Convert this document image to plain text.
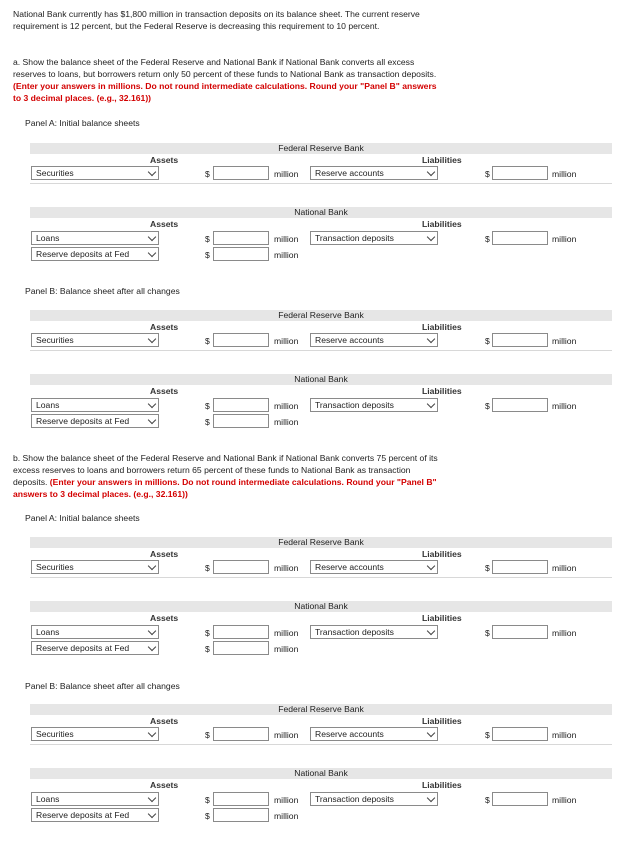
National Bank currently has $1,800 million in transaction deposits on its balance sheet. The current reserve requirement is 12 percent, but the Federal Reserve is decreasing this requirement to 10 percent.
a. Show the balance sheet of the Federal Reserve and National Bank if National Bank converts all excess reserves to loans, but borrowers return only 50 percent of these funds to National Bank as transaction deposits. (Enter your answers in millions. Do not round intermediate calculations. Round your "Panel B" answers to 3 decimal places. (e.g., 32.161))
Panel A: Initial balance sheets
Federal Reserve Bank
Assets	Liabilities
Securities	$	million	Reserve accounts	$	million
National Bank
Assets	Liabilities
Loans	$	million	Transaction deposits	$	million
Reserve deposits at Fed	$	million
Panel B: Balance sheet after all changes
Federal Reserve Bank
Assets	Liabilities
Securities	$	million	Reserve accounts	$	million
National Bank
Assets	Liabilities
Loans	$	million	Transaction deposits	$	million
Reserve deposits at Fed	$	million
b. Show the balance sheet of the Federal Reserve and National Bank if National Bank converts 75 percent of its excess reserves to loans and borrowers return 65 percent of these funds to National Bank as transaction deposits. (Enter your answers in millions. Do not round intermediate calculations. Round your "Panel B" answers to 3 decimal places. (e.g., 32.161))
Panel A: Initial balance sheets
Federal Reserve Bank
Assets	Liabilities
Securities	$	million	Reserve accounts	$	million
National Bank
Assets	Liabilities
Loans	$	million	Transaction deposits	$	million
Reserve deposits at Fed	$	million
Panel B: Balance sheet after all changes
Federal Reserve Bank
Assets	Liabilities
Securities	$	million	Reserve accounts	$	million
National Bank
Assets	Liabilities
Loans	$	million	Transaction deposits	$	million
Reserve deposits at Fed	$	million
